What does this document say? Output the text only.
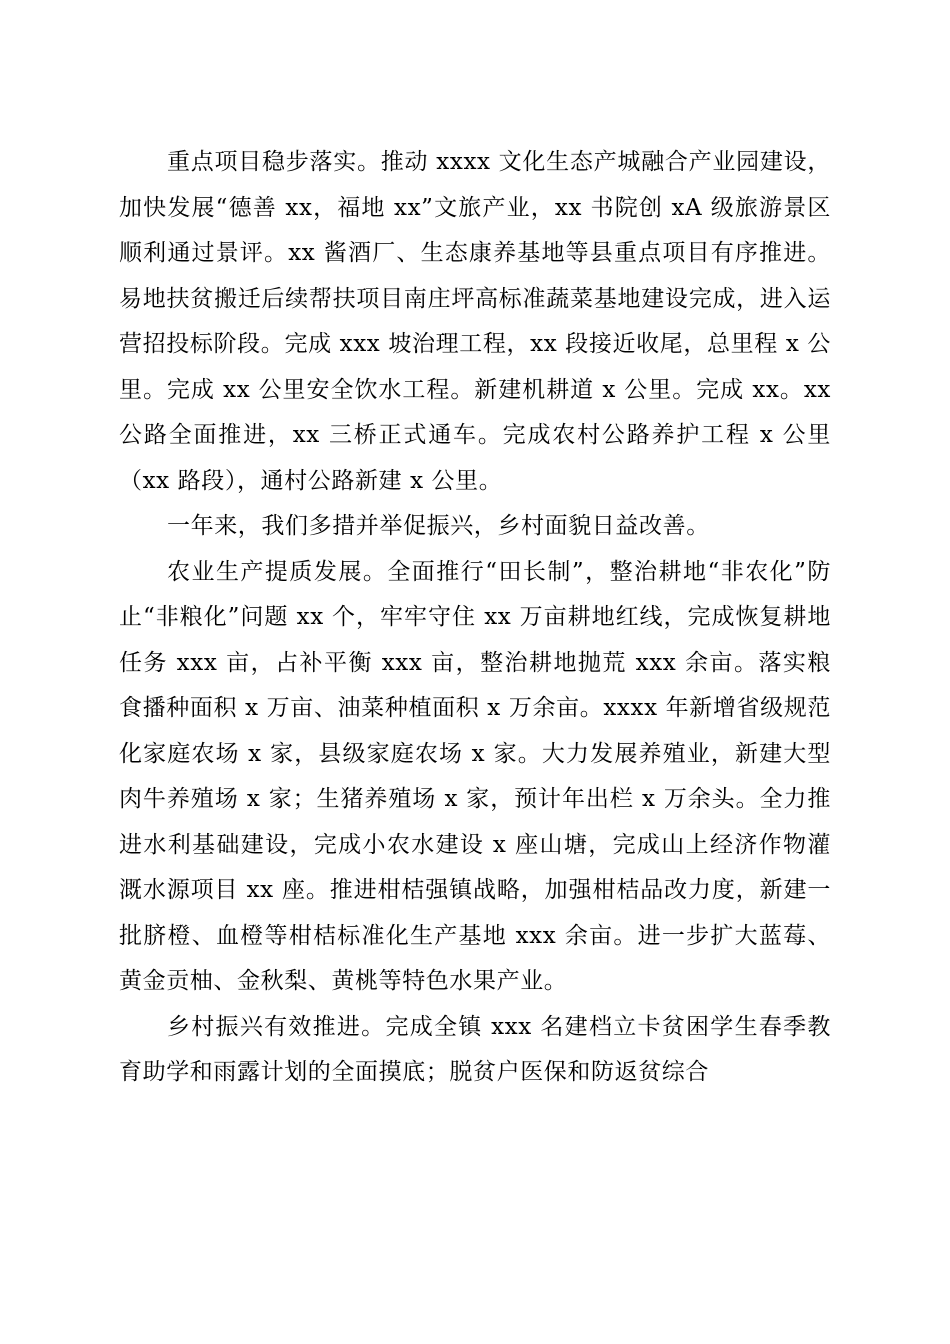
重点项目稳步落实。推动 xxxx 文化生态产城融合产业园建设，加快发展“德善 xx，福地 xx”文旅产业，xx 书院创 xA 级旅游景区顺利通过景评。xx 酱酒厂、生态康养基地等县重点项目有序推进。易地扶贫搬迁后续帮扶项目南庄坪高标准蔬菜基地建设完成，进入运营招投标阶段。完成 xxx 坡治理工程，xx 段接近收尾，总里程 x 公里。完成 xx 公里安全饮水工程。新建机耕道 x 公里。完成 xx。xx 公路全面推进，xx 三桥正式通车。完成农村公路养护工程 x 公里（xx 路段），通村公路新建 x 公里。

一年来，我们多措并举促振兴，乡村面貌日益改善。

农业生产提质发展。全面推行“田长制”，整治耕地“非农化”防止“非粮化”问题 xx 个，牢牢守住 xx 万亩耕地红线，完成恢复耕地任务 xxx 亩，占补平衡 xxx 亩，整治耕地抛荒 xxx 余亩。落实粮食播种面积 x 万亩、油菜种植面积 x 万余亩。xxxx 年新增省级规范化家庭农场 x 家，县级家庭农场 x 家。大力发展养殖业，新建大型肉牛养殖场 x 家；生猪养殖场 x 家，预计年出栏 x 万余头。全力推进水利基础建设，完成小农水建设 x 座山塘，完成山上经济作物灌溉水源项目 xx 座。推进柑桔强镇战略，加强柑桔品改力度，新建一批脐橙、血橙等柑桔标准化生产基地 xxx 余亩。进一步扩大蓝莓、黄金贡柚、金秋梨、黄桃等特色水果产业。

乡村振兴有效推进。完成全镇 xxx 名建档立卡贫困学生春季教育助学和雨露计划的全面摸底；脱贫户医保和防返贫综合
